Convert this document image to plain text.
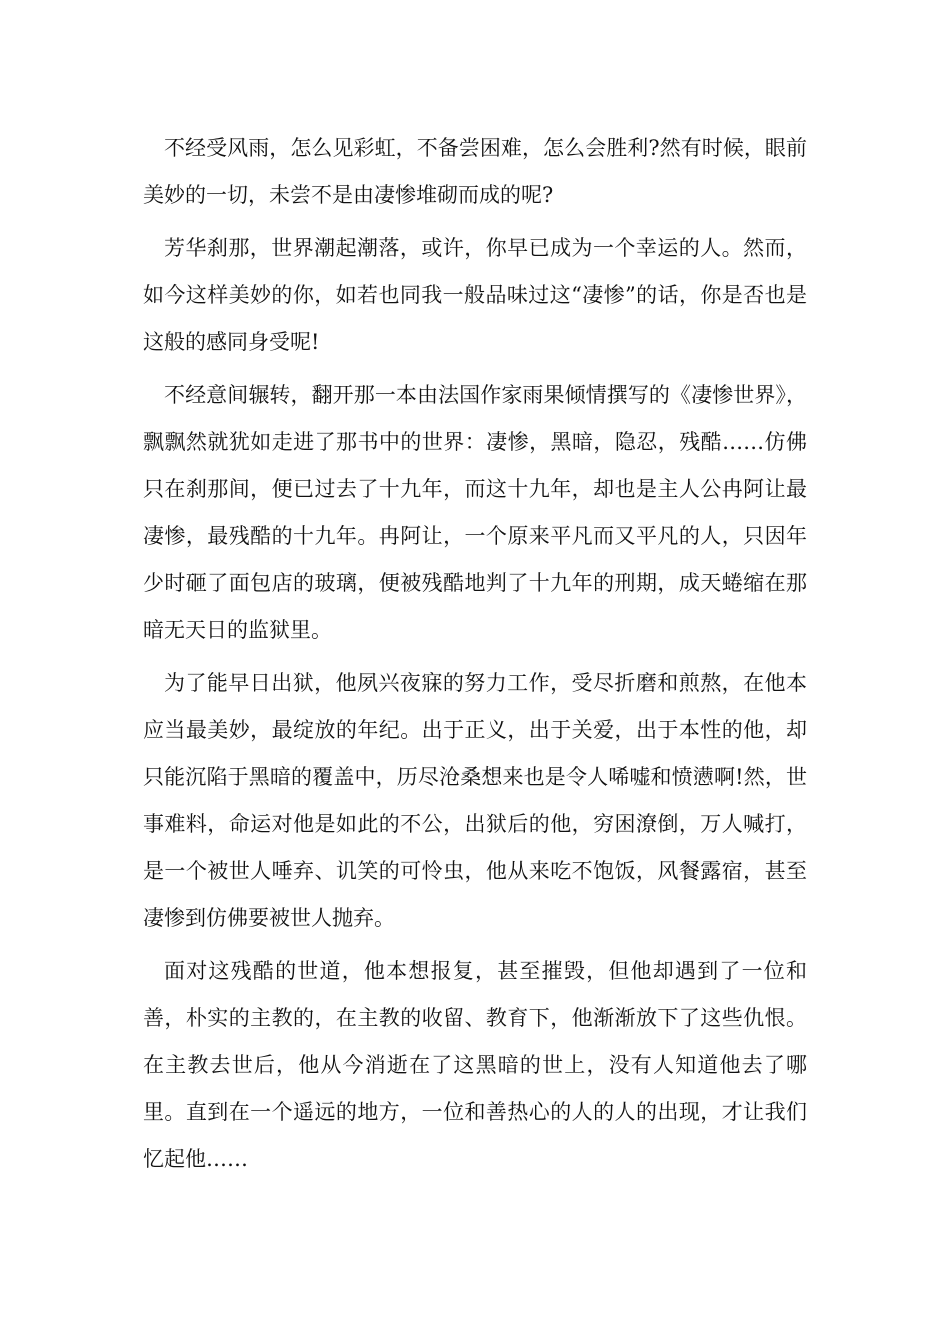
不经受风雨，怎么见彩虹，不备尝困难，怎么会胜利?然有时候，眼前美妙的一切，未尝不是由凄惨堆砌而成的呢?

芳华刹那，世界潮起潮落，或许，你早已成为一个幸运的人。然而，如今这样美妙的你，如若也同我一般品味过这“凄惨”的话，你是否也是这般的感同身受呢!

不经意间辗转，翻开那一本由法国作家雨果倾情撰写的《凄惨世界》，飘飘然就犹如走进了那书中的世界：凄惨，黑暗，隐忍，残酷……仿佛只在刹那间，便已过去了十九年，而这十九年，却也是主人公冉阿让最凄惨，最残酷的十九年。冉阿让，一个原来平凡而又平凡的人，只因年少时砸了面包店的玻璃，便被残酷地判了十九年的刑期，成天蜷缩在那暗无天日的监狱里。

为了能早日出狱，他夙兴夜寐的努力工作，受尽折磨和煎熬，在他本应当最美妙，最绽放的年纪。出于正义，出于关爱，出于本性的他，却只能沉陷于黑暗的覆盖中，历尽沧桑想来也是令人唏嘘和愤懑啊!然，世事难料，命运对他是如此的不公，出狱后的他，穷困潦倒，万人喊打，是一个被世人唾弃、讥笑的可怜虫，他从来吃不饱饭，风餐露宿，甚至凄惨到仿佛要被世人抛弃。

面对这残酷的世道，他本想报复，甚至摧毁，但他却遇到了一位和善，朴实的主教的，在主教的收留、教育下，他渐渐放下了这些仇恨。在主教去世后，他从今消逝在了这黑暗的世上，没有人知道他去了哪里。直到在一个遥远的地方，一位和善热心的人的人的出现，才让我们忆起他……
